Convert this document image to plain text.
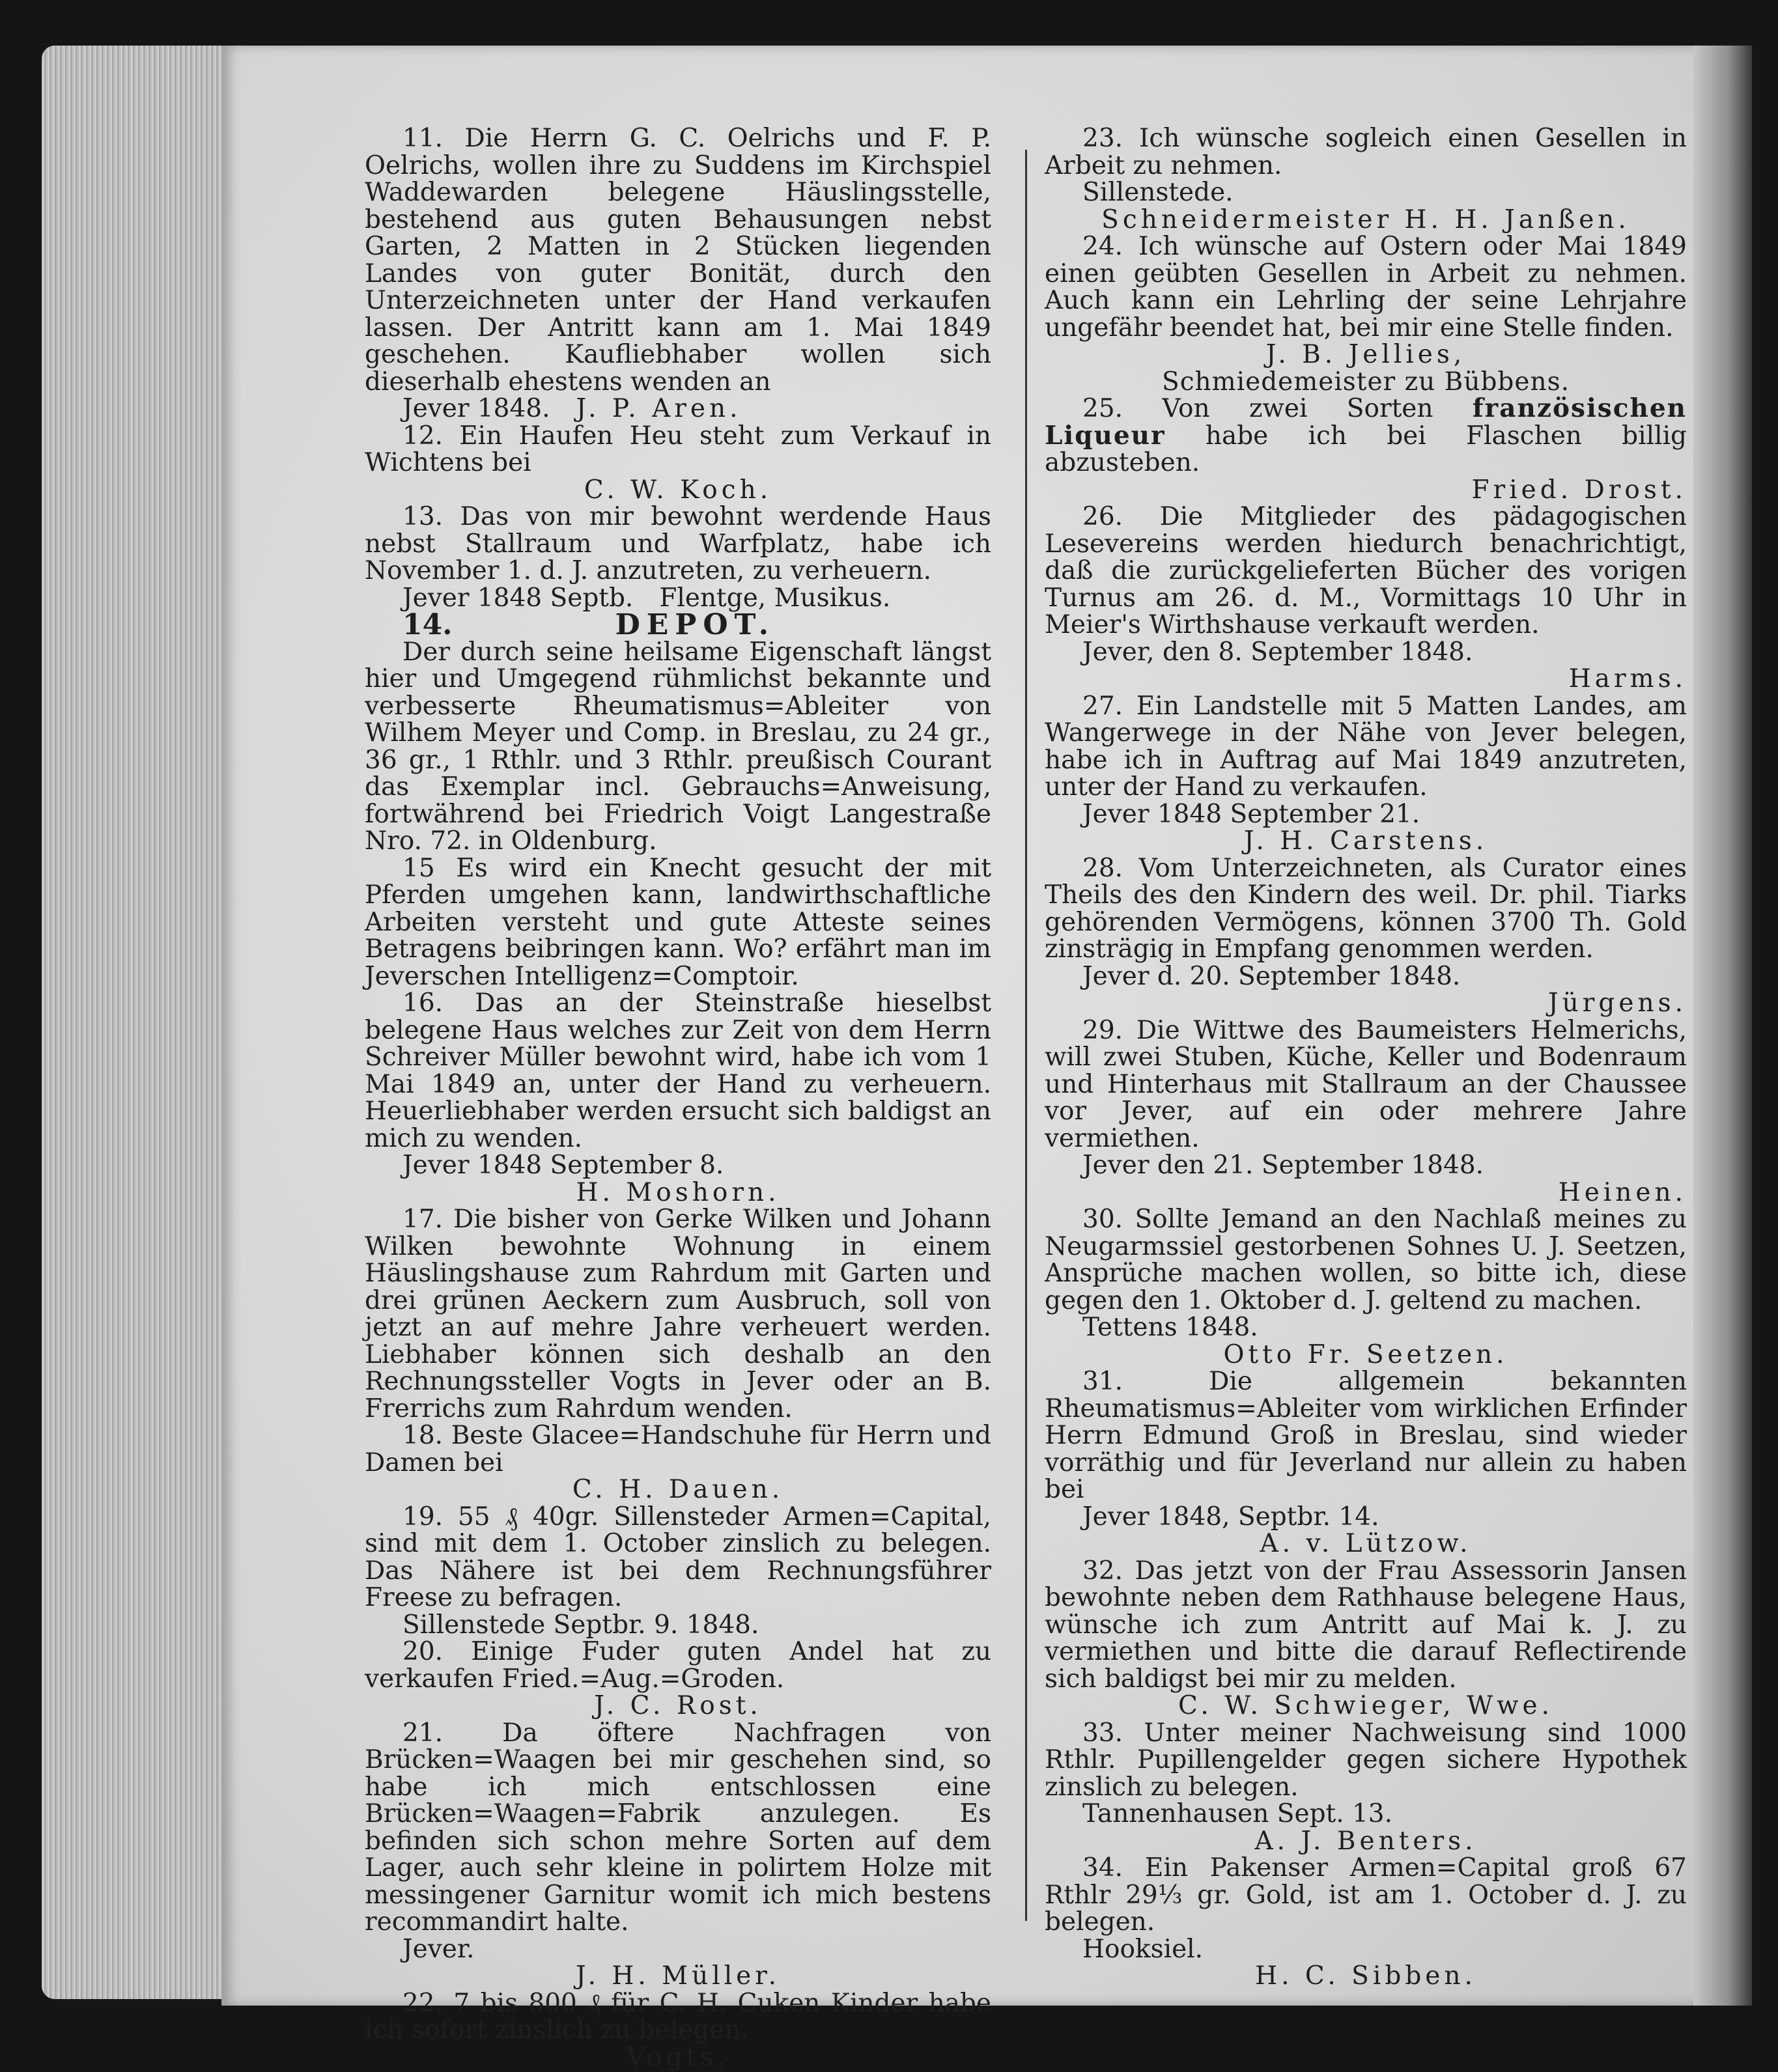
11. Die Herrn G. C. Oelrichs und F. P. Oelrichs, wollen ihre zu Suddens im Kirchspiel Waddewarden belegene Häuslingsstelle, bestehend aus guten Behausungen nebst Garten, 2 Matten in 2 Stücken liegenden Landes von guter Bonität, durch den Unterzeichneten unter der Hand verkaufen lassen. Der Antritt kann am 1. Mai 1849 geschehen. Kaufliebhaber wollen sich dieserhalb ehestens wenden an

Jever 1848. J. P. Aren.

12. Ein Haufen Heu steht zum Verkauf in Wichtens bei

C. W. Koch.

13. Das von mir bewohnt werdende Haus nebst Stallraum und Warfplatz, habe ich November 1. d. J. anzutreten, zu verheuern.

Jever 1848 Septb. Flentge, Musikus.

14.	DEPOT.

Der durch seine heilsame Eigenschaft längst hier und Umgegend rühmlichst bekannte und verbesserte Rheumatismus=Ableiter von Wilhem Meyer und Comp. in Breslau, zu 24 gr., 36 gr., 1 Rthlr. und 3 Rthlr. preußisch Courant das Exemplar incl. Gebrauchs=Anweisung, fortwährend bei Friedrich Voigt Langestraße Nro. 72. in Oldenburg.

15 Es wird ein Knecht gesucht der mit Pferden umgehen kann, landwirthschaftliche Arbeiten versteht und gute Atteste seines Betragens beibringen kann. Wo? erfährt man im Jeverschen Intelligenz=Comptoir.

16. Das an der Steinstraße hieselbst belegene Haus welches zur Zeit von dem Herrn Schreiver Müller bewohnt wird, habe ich vom 1 Mai 1849 an, unter der Hand zu verheuern. Heuerliebhaber werden ersucht sich baldigst an mich zu wenden.

Jever 1848 September 8.

H. Moshorn.

17. Die bisher von Gerke Wilken und Johann Wilken bewohnte Wohnung in einem Häuslingshause zum Rahrdum mit Garten und drei grünen Aeckern zum Ausbruch, soll von jetzt an auf mehre Jahre verheuert werden. Liebhaber können sich deshalb an den Rechnungssteller Vogts in Jever oder an B. Frerrichs zum Rahrdum wenden.

18. Beste Glacee=Handschuhe für Herrn und Damen bei

C. H. Dauen.

19. 55 ₰ 40gr. Sillensteder Armen=Capital, sind mit dem 1. October zinslich zu belegen. Das Nähere ist bei dem Rechnungsführer Freese zu befragen.

Sillenstede Septbr. 9. 1848.

20. Einige Fuder guten Andel hat zu verkaufen Fried.=Aug.=Groden.

J. C. Rost.

21. Da öftere Nachfragen von Brücken=Waagen bei mir geschehen sind, so habe ich mich entschlossen eine Brücken=Waagen=Fabrik anzulegen. Es befinden sich schon mehre Sorten auf dem Lager, auch sehr kleine in polirtem Holze mit messingener Garnitur womit ich mich bestens recommandirt halte.

Jever.

J. H. Müller.

22. 7 bis 800 ₰ für C. H. Cuken Kinder habe ich sofort zinslich zu belegen.

Vogts.

23. Ich wünsche sogleich einen Gesellen in Arbeit zu nehmen.

Sillenstede.

Schneidermeister H. H. Janßen.

24. Ich wünsche auf Ostern oder Mai 1849 einen geübten Gesellen in Arbeit zu nehmen. Auch kann ein Lehrling der seine Lehrjahre ungefähr beendet hat, bei mir eine Stelle finden.

J. B. Jellies,

Schmiedemeister zu Bübbens.

25. Von zwei Sorten französischen Liqueur habe ich bei Flaschen billig abzusteben.

Fried. Drost.

26. Die Mitglieder des pädagogischen Lesevereins werden hiedurch benachrichtigt, daß die zurückgelieferten Bücher des vorigen Turnus am 26. d. M., Vormittags 10 Uhr in Meier's Wirthshause verkauft werden.

Jever, den 8. September 1848.

Harms.

27. Ein Landstelle mit 5 Matten Landes, am Wangerwege in der Nähe von Jever belegen, habe ich in Auftrag auf Mai 1849 anzutreten, unter der Hand zu verkaufen.

Jever 1848 September 21.

J. H. Carstens.

28. Vom Unterzeichneten, als Curator eines Theils des den Kindern des weil. Dr. phil. Tiarks gehörenden Vermögens, können 3700 Th. Gold zinsträgig in Empfang genommen werden.

Jever d. 20. September 1848.

Jürgens.

29. Die Wittwe des Baumeisters Helmerichs, will zwei Stuben, Küche, Keller und Bodenraum und Hinterhaus mit Stallraum an der Chaussee vor Jever, auf ein oder mehrere Jahre vermiethen.

Jever den 21. September 1848.

Heinen.

30. Sollte Jemand an den Nachlaß meines zu Neugarmssiel gestorbenen Sohnes U. J. Seetzen, Ansprüche machen wollen, so bitte ich, diese gegen den 1. Oktober d. J. geltend zu machen.

Tettens 1848.

Otto Fr. Seetzen.

31. Die allgemein bekannten Rheumatismus=Ableiter vom wirklichen Erfinder Herrn Edmund Groß in Breslau, sind wieder vorräthig und für Jeverland nur allein zu haben bei

Jever 1848, Septbr. 14.

A. v. Lützow.

32. Das jetzt von der Frau Assessorin Jansen bewohnte neben dem Rathhause belegene Haus, wünsche ich zum Antritt auf Mai k. J. zu vermiethen und bitte die darauf Reflectirende sich baldigst bei mir zu melden.

C. W. Schwieger, Wwe.

33. Unter meiner Nachweisung sind 1000 Rthlr. Pupillengelder gegen sichere Hypothek zinslich zu belegen.

Tannenhausen Sept. 13.

A. J. Benters.

34. Ein Pakenser Armen=Capital groß 67 Rthlr 29⅓ gr. Gold, ist am 1. October d. J. zu belegen.

Hooksiel.

H. C. Sibben.
